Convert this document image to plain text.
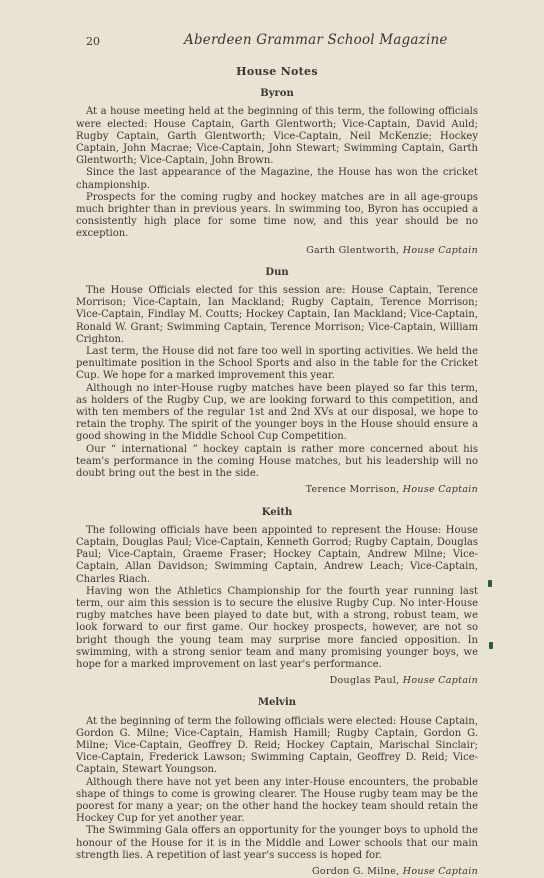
20	Aberdeen Grammar School Magazine
House Notes
Byron

At a house meeting held at the beginning of this term, the following officials were elected: House Captain, Garth Glentworth; Vice-Captain, David Auld; Rugby Captain, Garth Glentworth; Vice-Captain, Neil McKenzie; Hockey Captain, John Macrae; Vice-Captain, John Stewart; Swimming Captain, Garth Glentworth; Vice-Captain, John Brown.

Since the last appearance of the Magazine, the House has won the cricket championship.

Prospects for the coming rugby and hockey matches are in all age-groups much brighter than in previous years. In swimming too, Byron has occupied a consistently high place for some time now, and this year should be no exception.

Garth Glentworth, House Captain
Dun

The House Officials elected for this session are: House Captain, Terence Morrison; Vice-Captain, Ian Mackland; Rugby Captain, Terence Morrison; Vice-Captain, Findlay M. Coutts; Hockey Captain, Ian Mackland; Vice-Captain, Ronald W. Grant; Swimming Captain, Terence Morrison; Vice-Captain, William Crighton.

Last term, the House did not fare too well in sporting activities. We held the penultimate position in the School Sports and also in the table for the Cricket Cup. We hope for a marked improvement this year.

Although no inter-House rugby matches have been played so far this term, as holders of the Rugby Cup, we are looking forward to this competition, and with ten members of the regular 1st and 2nd XVs at our disposal, we hope to retain the trophy. The spirit of the younger boys in the House should ensure a good showing in the Middle School Cup Competition.

Our “ international ” hockey captain is rather more concerned about his team's performance in the coming House matches, but his leadership will no doubt bring out the best in the side.

Terence Morrison, House Captain
Keith

The following officials have been appointed to represent the House: House Captain, Douglas Paul; Vice-Captain, Kenneth Gorrod; Rugby Captain, Douglas Paul; Vice-Captain, Graeme Fraser; Hockey Captain, Andrew Milne; Vice-Captain, Allan Davidson; Swimming Captain, Andrew Leach; Vice-Captain, Charles Riach.

Having won the Athletics Championship for the fourth year running last term, our aim this session is to secure the elusive Rugby Cup. No inter-House rugby matches have been played to date but, with a strong, robust team, we look forward to our first game. Our hockey prospects, however, are not so bright though the young team may surprise more fancied opposition. In swimming, with a strong senior team and many promising younger boys, we hope for a marked improvement on last year's performance.

Douglas Paul, House Captain
Melvin

At the beginning of term the following officials were elected: House Captain, Gordon G. Milne; Vice-Captain, Hamish Hamill; Rugby Captain, Gordon G. Milne; Vice-Captain, Geoffrey D. Reid; Hockey Captain, Marischal Sinclair; Vice-Captain, Frederick Lawson; Swimming Captain, Geoffrey D. Reid; Vice-Captain, Stewart Youngson.

Although there have not yet been any inter-House encounters, the probable shape of things to come is growing clearer. The House rugby team may be the poorest for many a year; on the other hand the hockey team should retain the Hockey Cup for yet another year.

The Swimming Gala offers an opportunity for the younger boys to uphold the honour of the House for it is in the Middle and Lower schools that our main strength lies. A repetition of last year's success is hoped for.

Gordon G. Milne, House Captain
